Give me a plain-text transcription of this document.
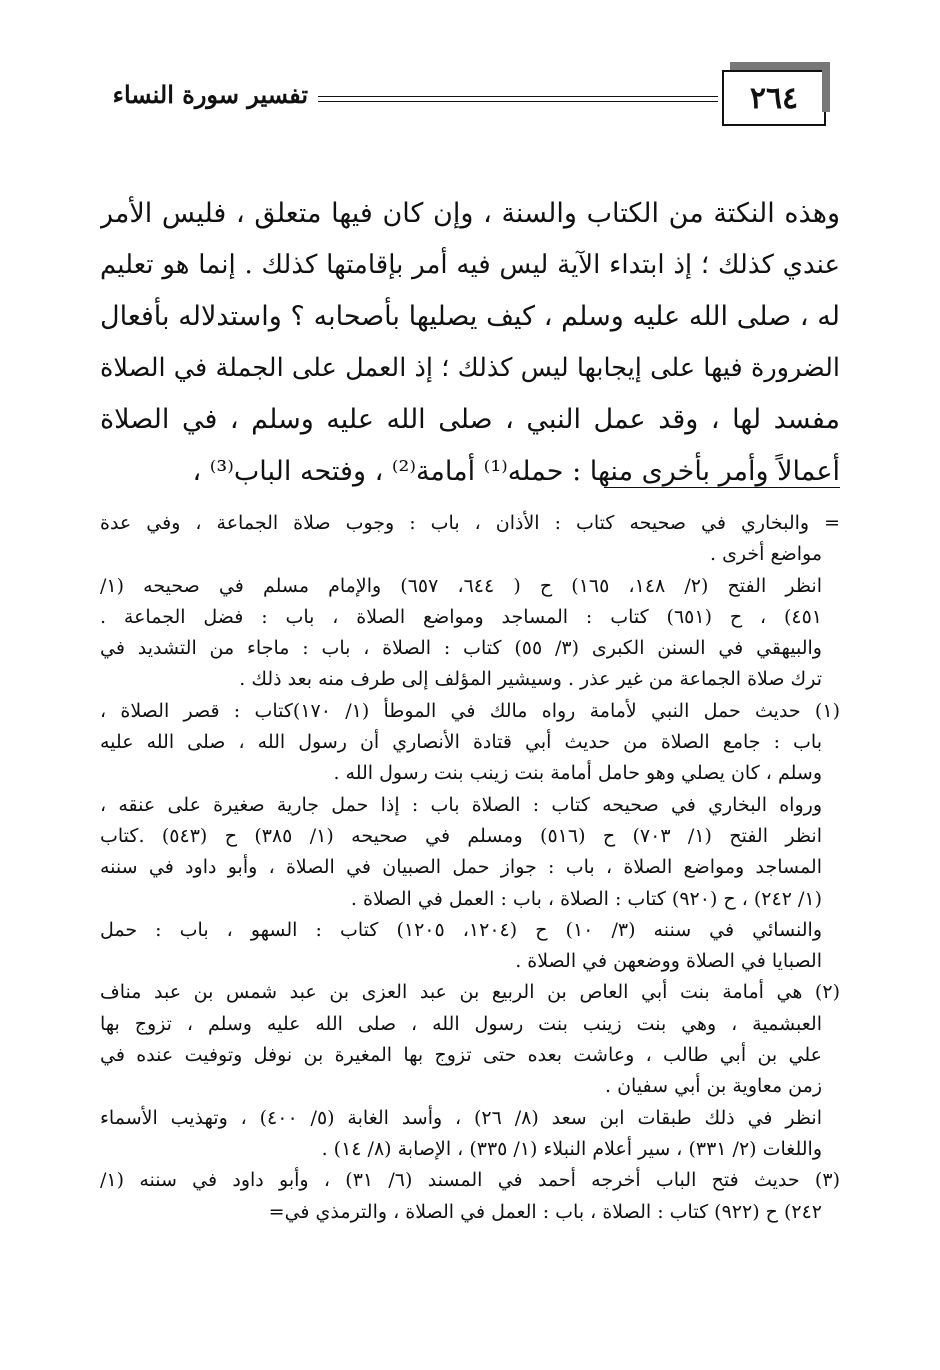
٢٦٤
تفسير سورة النساء
وهذه النكتة من الكتاب والسنة ، وإن كان فيها متعلق ، فليس الأمر
عندي كذلك ؛ إذ ابتداء الآية ليس فيه أمر بإقامتها كذلك . إنما هو تعليم
له ، صلى الله عليه وسلم ، كيف يصليها بأصحابه ؟ واستدلاله بأفعال
الضرورة فيها على إيجابها ليس كذلك ؛ إذ العمل على الجملة في الصلاة
مفسد لها ، وقد عمل النبي ، صلى الله عليه وسلم ، في الصلاة
أعمالاً وأمر بأخرى منها : حمله⁽¹⁾ أمامة⁽²⁾ ، وفتحه الباب⁽³⁾ ،
= والبخاري في صحيحه كتاب : الأذان ، باب : وجوب صلاة الجماعة ، وفي عدة
مواضع أخرى .
انظر الفتح (٢/ ١٤٨، ١٦٥) ح ( ٦٤٤، ٦٥٧) والإمام مسلم في صحيحه (١/
٤٥١) ، ح (٦٥١) كتاب : المساجد ومواضع الصلاة ، باب : فضل الجماعة .
والبيهقي في السنن الكبرى (٣/ ٥٥) كتاب : الصلاة ، باب : ماجاء من التشديد في
ترك صلاة الجماعة من غير عذر . وسيشير المؤلف إلى طرف منه بعد ذلك .
(١) حديث حمل النبي لأمامة رواه مالك في الموطأ (١/ ١٧٠)كتاب : قصر الصلاة ،
باب : جامع الصلاة من حديث أبي قتادة الأنصاري أن رسول الله ، صلى الله عليه
وسلم ، كان يصلي وهو حامل أمامة بنت زينب بنت رسول الله .
ورواه البخاري في صحيحه كتاب : الصلاة باب : إذا حمل جارية صغيرة على عنقه ،
انظر الفتح (١/ ٧٠٣) ح (٥١٦) ومسلم في صحيحه (١/ ٣٨٥) ح (٥٤٣) .كتاب
المساجد ومواضع الصلاة ، باب : جواز حمل الصبيان في الصلاة ، وأبو داود في سننه
(١/ ٢٤٢) ، ح (٩٢٠) كتاب : الصلاة ، باب : العمل في الصلاة .
والنسائي في سننه (٣/ ١٠) ح (١٢٠٤، ١٢٠٥) كتاب : السهو ، باب : حمل
الصبايا في الصلاة ووضعهن في الصلاة .
(٢) هي أمامة بنت أبي العاص بن الربيع بن عبد العزى بن عبد شمس بن عبد مناف
العبشمية ، وهي بنت زينب بنت رسول الله ، صلى الله عليه وسلم ، تزوج بها
علي بن أبي طالب ، وعاشت بعده حتى تزوج بها المغيرة بن نوفل وتوفيت عنده في
زمن معاوية بن أبي سفيان .
انظر في ذلك طبقات ابن سعد (٨/ ٢٦) ، وأسد الغابة (٥/ ٤٠٠) ، وتهذيب الأسماء
واللغات (٢/ ٣٣١) ، سير أعلام النبلاء (١/ ٣٣٥) ، الإصابة (٨/ ١٤) .
(٣) حديث فتح الباب أخرجه أحمد في المسند (٦/ ٣١) ، وأبو داود في سننه (١/
٢٤٢) ح (٩٢٢) كتاب : الصلاة ، باب : العمل في الصلاة ، والترمذي في=
